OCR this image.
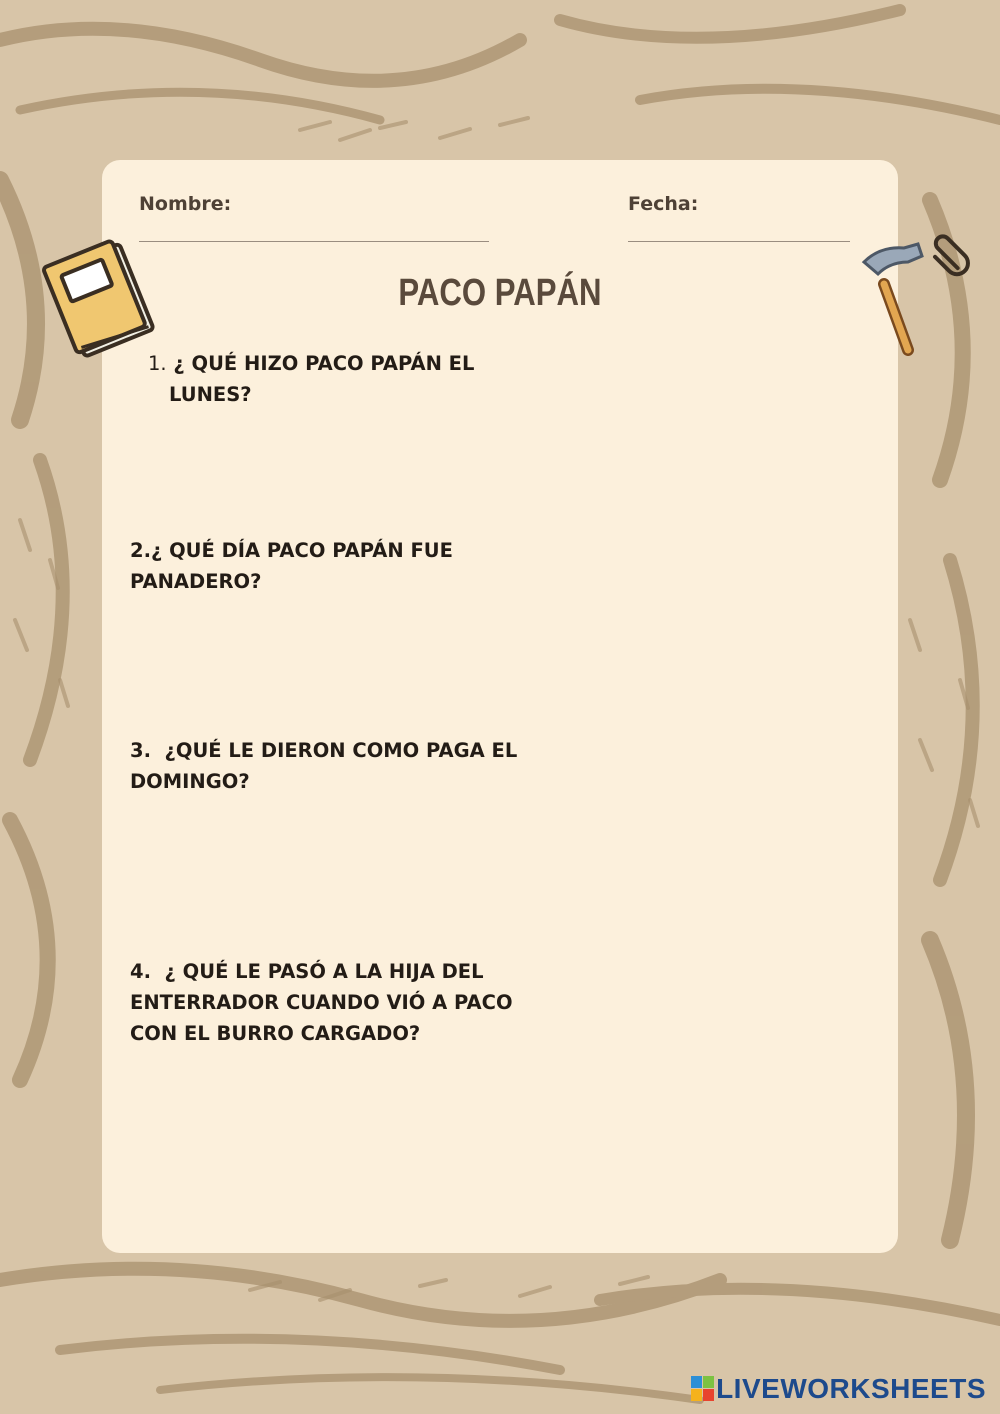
Nombre:	Fecha:
PACO PAPÁN
1. ¿ QUÉ HIZO PACO PAPÁN EL
LUNES?
2.¿ QUÉ DÍA PACO PAPÁN FUE
PANADERO?
3.  ¿QUÉ LE DIERON COMO PAGA EL
DOMINGO?
4.  ¿ QUÉ LE PASÓ A LA HIJA DEL
ENTERRADOR CUANDO VIÓ A PACO
CON EL BURRO CARGADO?
LIVEWORKSHEETS
